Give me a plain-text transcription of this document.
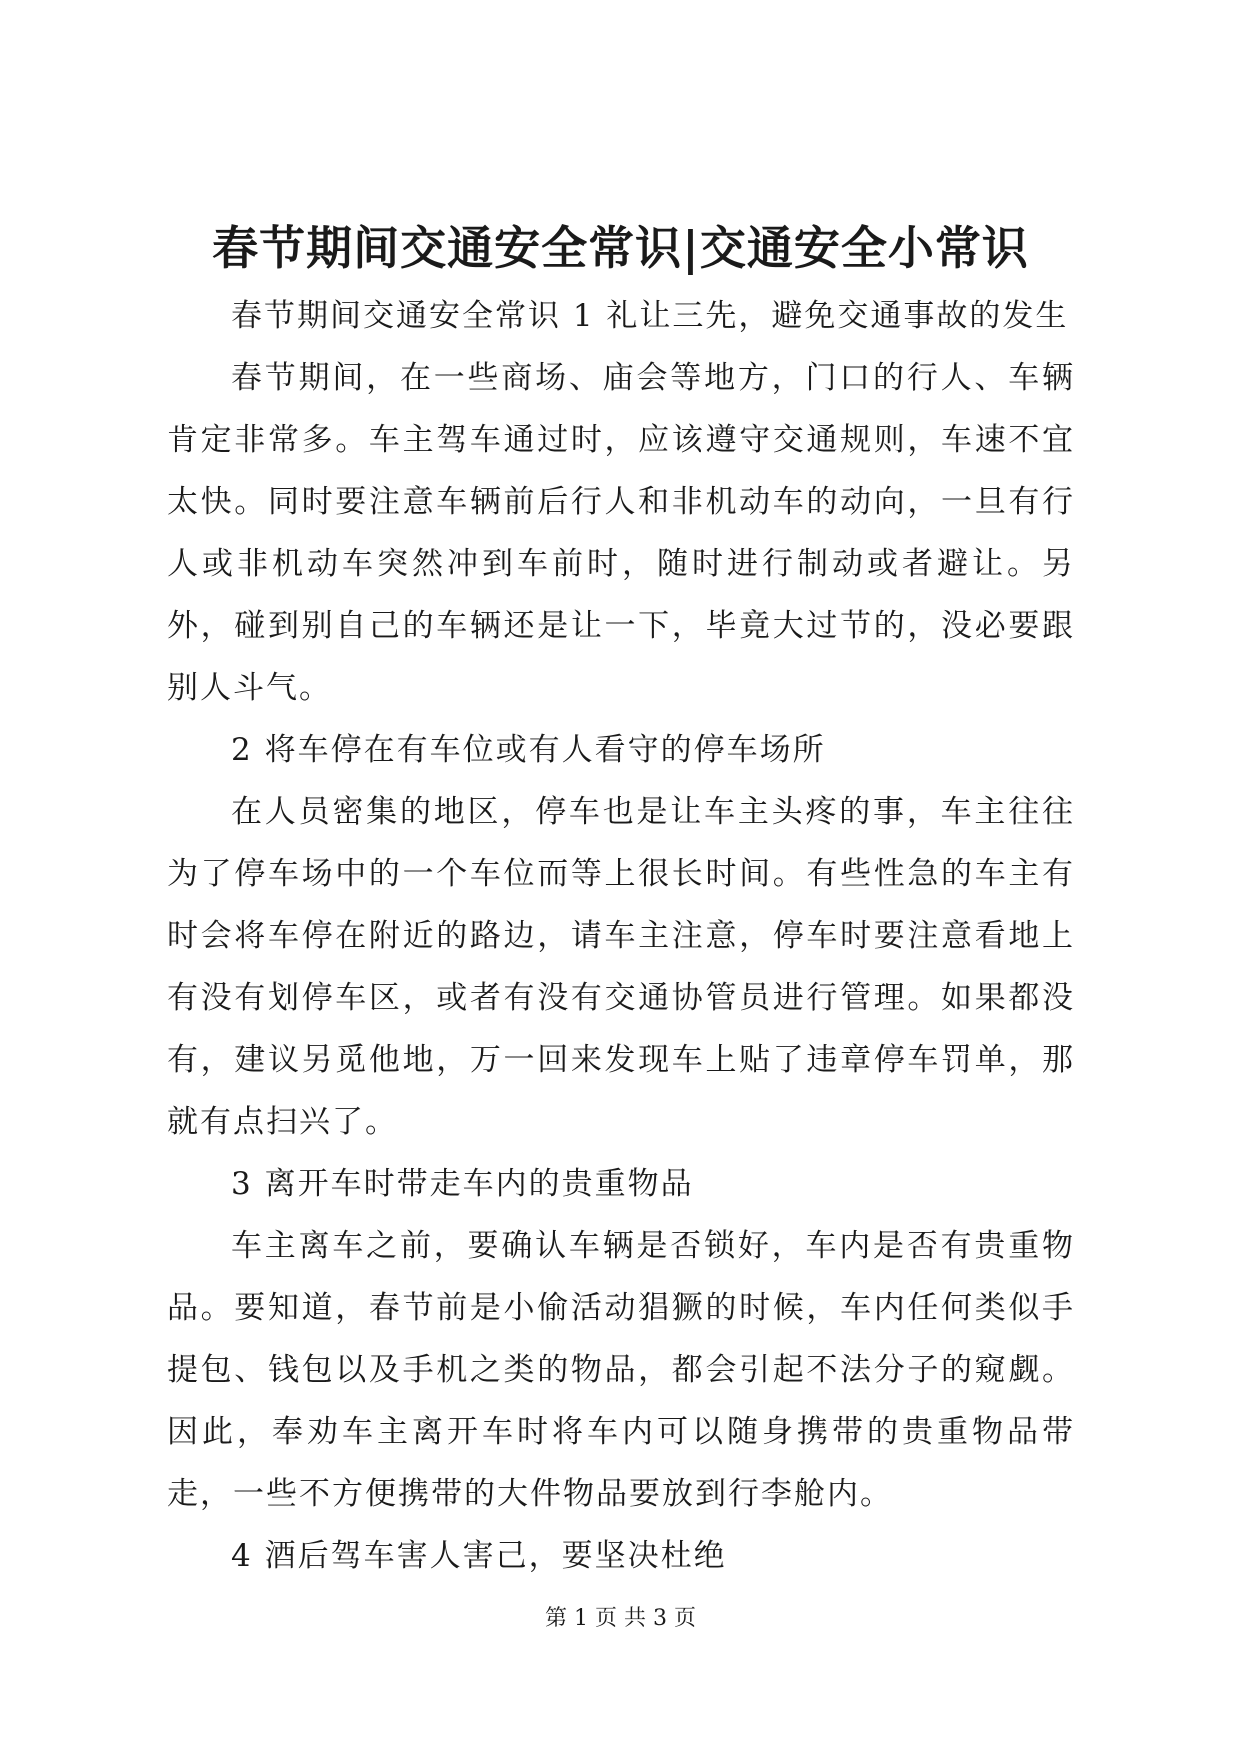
春节期间交通安全常识|交通安全小常识

春节期间交通安全常识 1 礼让三先，避免交通事故的发生

春节期间，在一些商场、庙会等地方，门口的行人、车辆肯定非常多。车主驾车通过时，应该遵守交通规则，车速不宜太快。同时要注意车辆前后行人和非机动车的动向，一旦有行人或非机动车突然冲到车前时，随时进行制动或者避让。另外，碰到别自己的车辆还是让一下，毕竟大过节的，没必要跟别人斗气。

2 将车停在有车位或有人看守的停车场所

在人员密集的地区，停车也是让车主头疼的事，车主往往为了停车场中的一个车位而等上很长时间。有些性急的车主有时会将车停在附近的路边，请车主注意，停车时要注意看地上有没有划停车区，或者有没有交通协管员进行管理。如果都没有，建议另觅他地，万一回来发现车上贴了违章停车罚单，那就有点扫兴了。

3 离开车时带走车内的贵重物品

车主离车之前，要确认车辆是否锁好，车内是否有贵重物品。要知道，春节前是小偷活动猖獗的时候，车内任何类似手提包、钱包以及手机之类的物品，都会引起不法分子的窥觑。因此，奉劝车主离开车时将车内可以随身携带的贵重物品带走，一些不方便携带的大件物品要放到行李舱内。

4 酒后驾车害人害己，要坚决杜绝

第 1 页 共 3 页
